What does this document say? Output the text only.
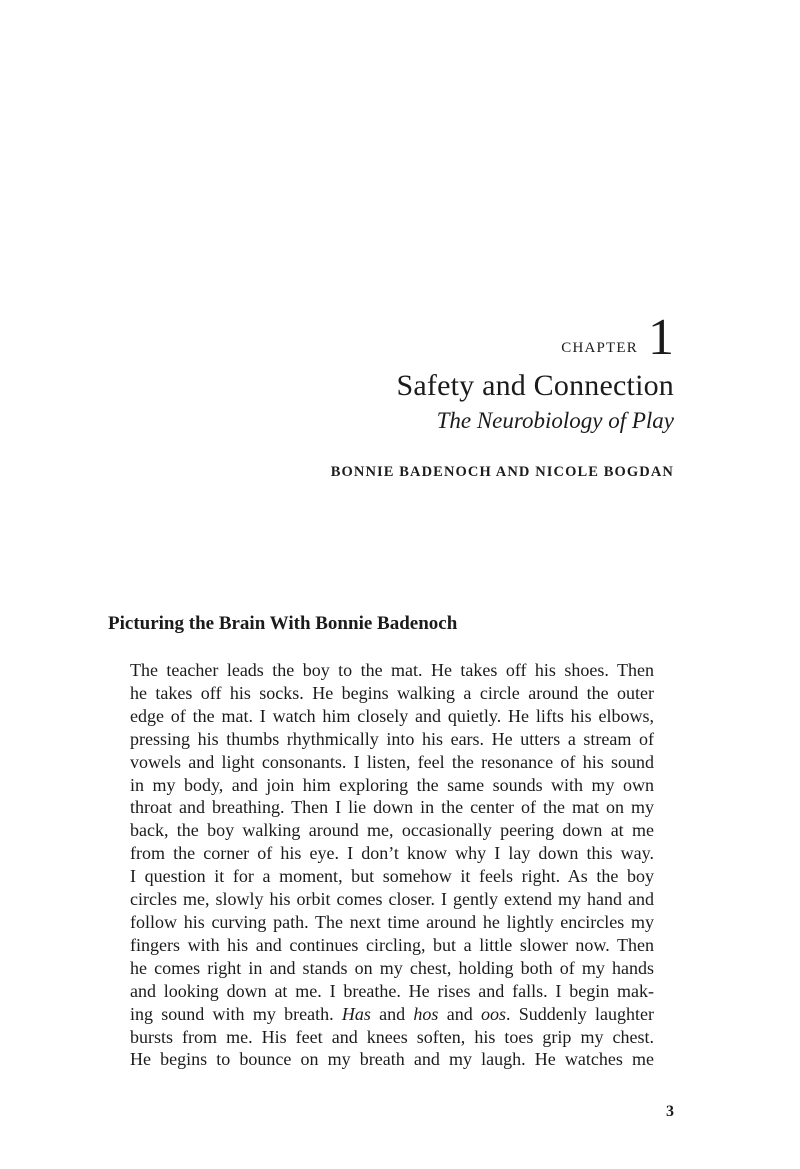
CHAPTER 1
Safety and Connection
The Neurobiology of Play
BONNIE BADENOCH AND NICOLE BOGDAN
Picturing the Brain With Bonnie Badenoch
The teacher leads the boy to the mat. He takes off his shoes. Then
he takes off his socks. He begins walking a circle around the outer
edge of the mat. I watch him closely and quietly. He lifts his elbows,
pressing his thumbs rhythmically into his ears. He utters a stream of
vowels and light consonants. I listen, feel the resonance of his sound
in my body, and join him exploring the same sounds with my own
throat and breathing. Then I lie down in the center of the mat on my
back, the boy walking around me, occasionally peering down at me
from the corner of his eye. I don’t know why I lay down this way.
I question it for a moment, but somehow it feels right. As the boy
circles me, slowly his orbit comes closer. I gently extend my hand and
follow his curving path. The next time around he lightly encircles my
fingers with his and continues circling, but a little slower now. Then
he comes right in and stands on my chest, holding both of my hands
and looking down at me. I breathe. He rises and falls. I begin mak-
ing sound with my breath. Has and hos and oos. Suddenly laughter
bursts from me. His feet and knees soften, his toes grip my chest.
He begins to bounce on my breath and my laugh. He watches me
3
